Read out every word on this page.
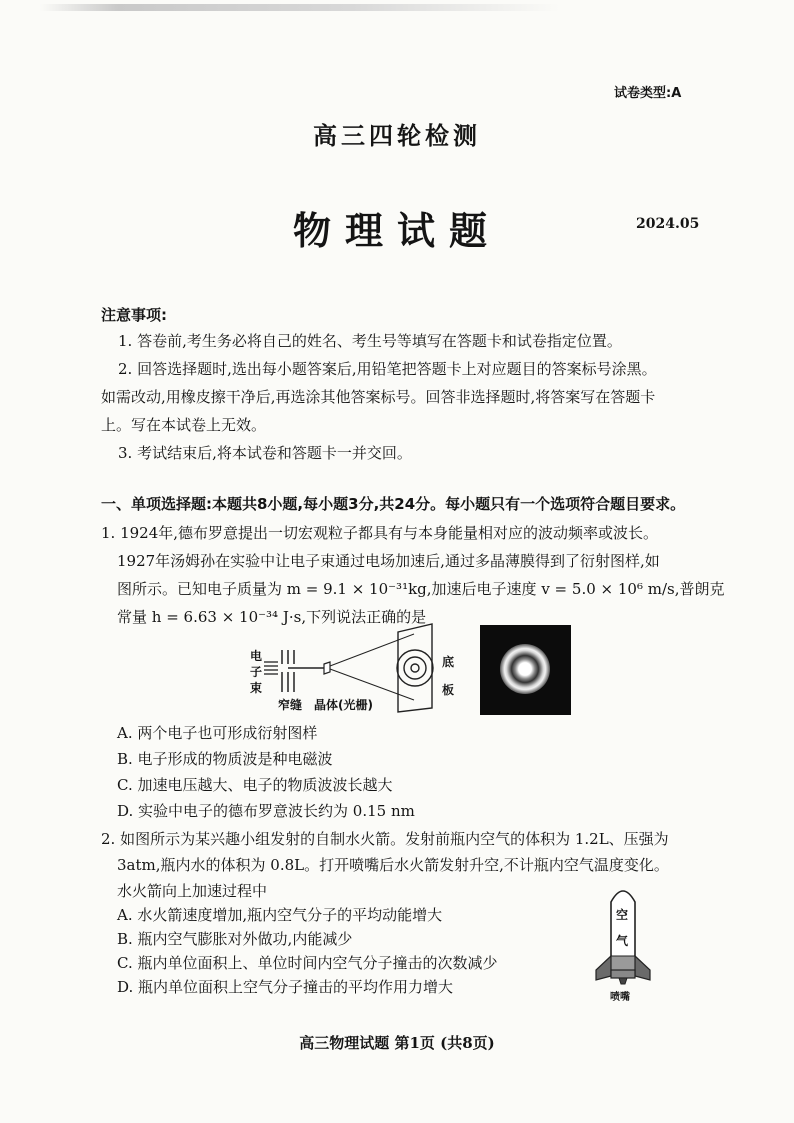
试卷类型:A
高三四轮检测
物理试题	2024.05
注意事项:
1. 答卷前,考生务必将自己的姓名、考生号等填写在答题卡和试卷指定位置。
2. 回答选择题时,选出每小题答案后,用铅笔把答题卡上对应题目的答案标号涂黑。
如需改动,用橡皮擦干净后,再选涂其他答案标号。回答非选择题时,将答案写在答题卡
上。写在本试卷上无效。
3. 考试结束后,将本试卷和答题卡一并交回。
一、单项选择题:本题共8小题,每小题3分,共24分。每小题只有一个选项符合题目要求。
1. 1924年,德布罗意提出一切宏观粒子都具有与本身能量相对应的波动频率或波长。
1927年汤姆孙在实验中让电子束通过电场加速后,通过多晶薄膜得到了衍射图样,如
图所示。已知电子质量为 m = 9.1 × 10⁻³¹kg,加速后电子速度 v = 5.0 × 10⁶ m/s,普朗克
常量 h = 6.63 × 10⁻³⁴ J·s,下列说法正确的是
电
子
束
窄缝 晶体(光栅)
底
板
A. 两个电子也可形成衍射图样
B. 电子形成的物质波是种电磁波
C. 加速电压越大、电子的物质波波长越大
D. 实验中电子的德布罗意波长约为 0.15 nm
2. 如图所示为某兴趣小组发射的自制水火箭。发射前瓶内空气的体积为 1.2L、压强为
3atm,瓶内水的体积为 0.8L。打开喷嘴后水火箭发射升空,不计瓶内空气温度变化。
水火箭向上加速过程中
A. 水火箭速度增加,瓶内空气分子的平均动能增大
B. 瓶内空气膨胀对外做功,内能减少
C. 瓶内单位面积上、单位时间内空气分子撞击的次数减少
D. 瓶内单位面积上空气分子撞击的平均作用力增大
空
气
喷嘴
高三物理试题 第1页 (共8页)
